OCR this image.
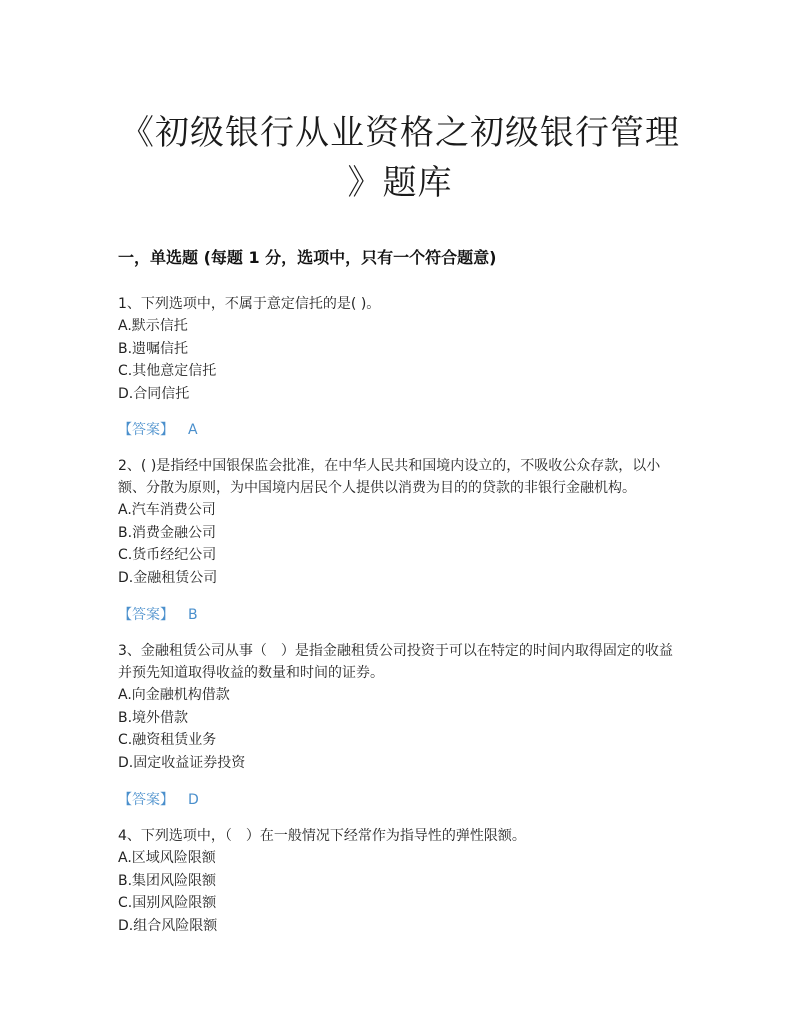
《初级银行从业资格之初级银行管理
》题库
一，单选题 (每题 1 分，选项中，只有一个符合题意)

1、下列选项中，不属于意定信托的是( )。

A.默示信托

B.遗嘱信托

C.其他意定信托

D.合同信托

【答案】 A

2、( )是指经中国银保监会批准，在中华人民共和国境内设立的，不吸收公众存款，以小额、分散为原则，为中国境内居民个人提供以消费为目的的贷款的非银行金融机构。

A.汽车消费公司

B.消费金融公司

C.货币经纪公司

D.金融租赁公司

【答案】 B

3、金融租赁公司从事（　）是指金融租赁公司投资于可以在特定的时间内取得固定的收益并预先知道取得收益的数量和时间的证券。

A.向金融机构借款

B.境外借款

C.融资租赁业务

D.固定收益证券投资

【答案】 D

4、下列选项中，（　）在一般情况下经常作为指导性的弹性限额。

A.区域风险限额

B.集团风险限额

C.国别风险限额

D.组合风险限额
